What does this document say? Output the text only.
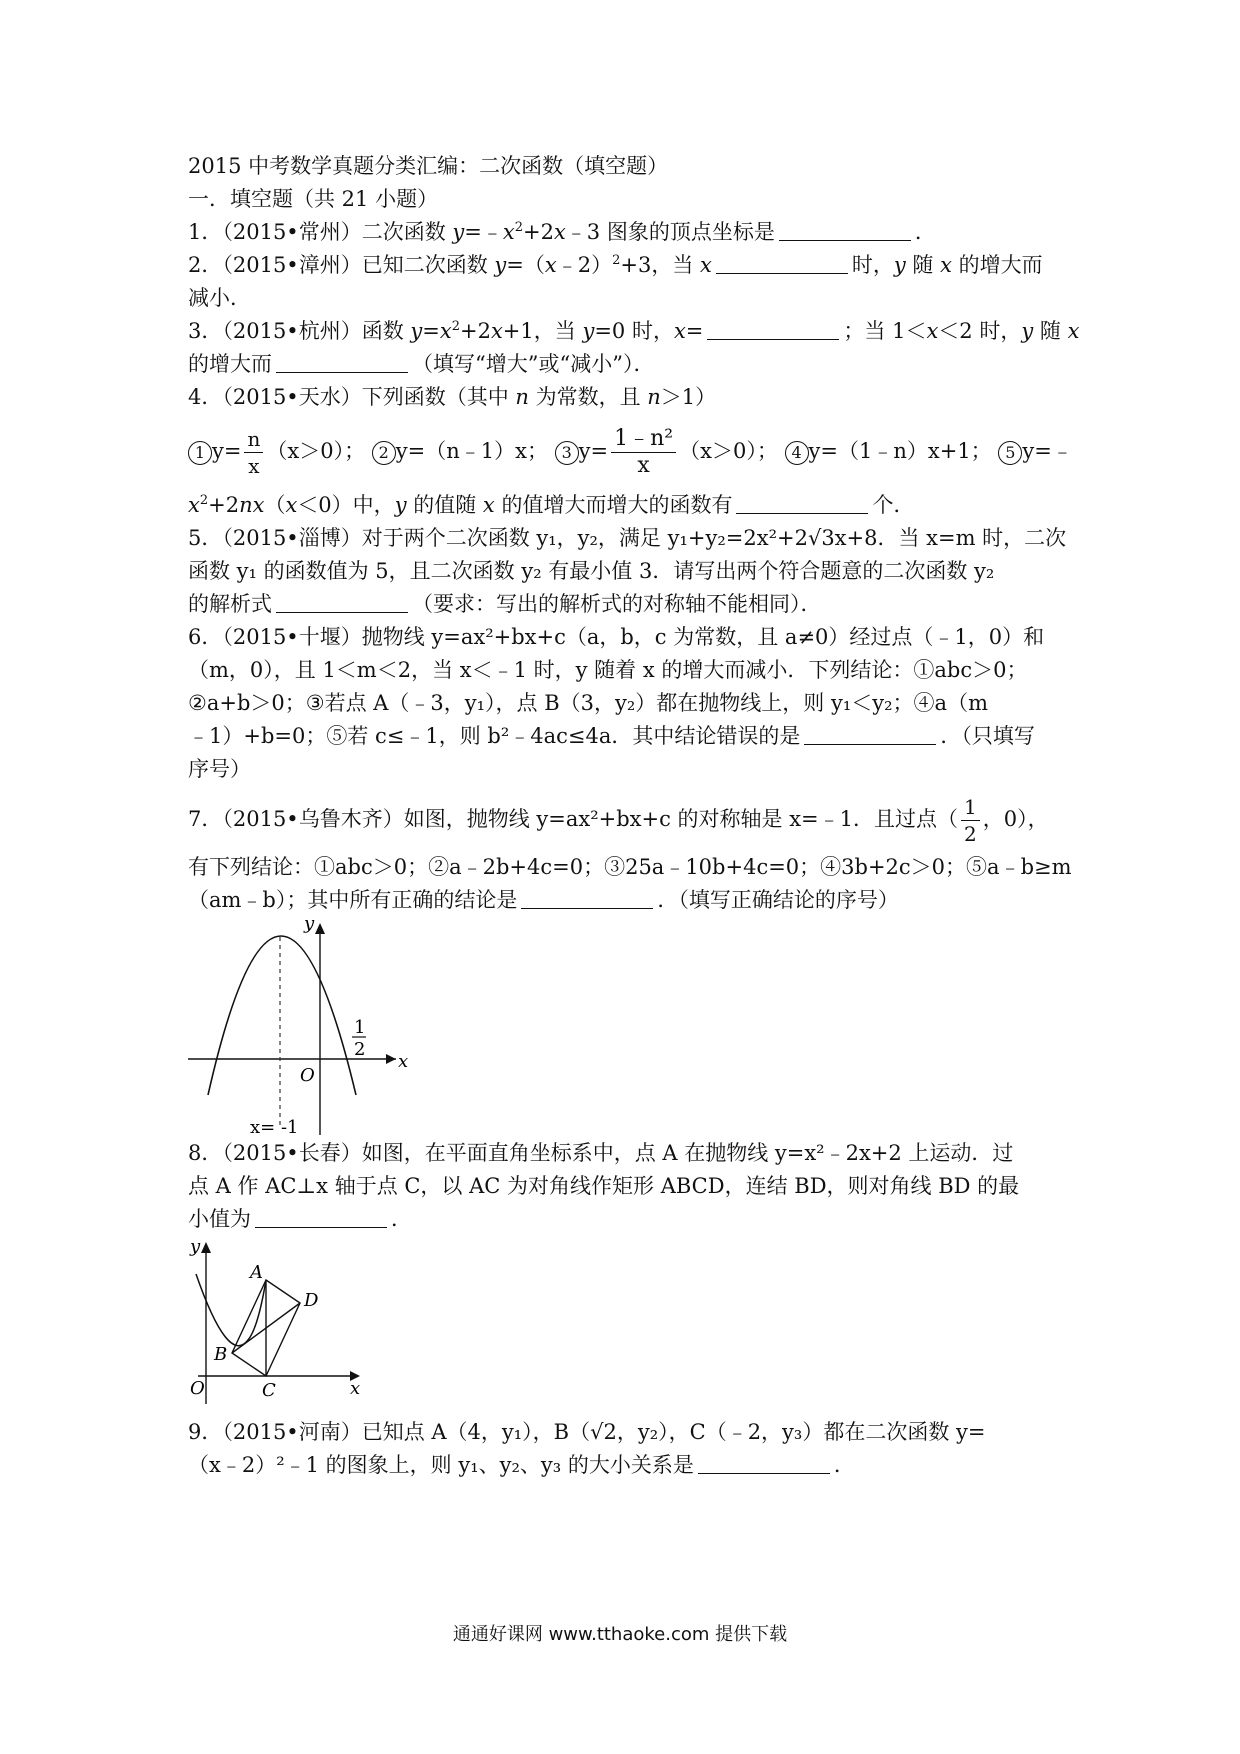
2015 中考数学真题分类汇编：二次函数（填空题）
一．填空题（共 21 小题）
1．（2015•常州）二次函数 $y=﹣x^2+2x﹣3$ 图象的顶点坐标是	．
2．（2015•漳州）已知二次函数 y=（x﹣2）$^2$+3，当 x	时，y 随 x 的增大而
减小．
3．（2015•杭州）函数 $y=x^2+2x+1$，当 y=0 时，x=	；当 1＜x＜2 时，y 随 x
的增大而	（填写“增大”或“减小”）．
4．（2015•天水）下列函数（其中 n 为常数，且 n＞1）
1 $y= \frac{n}{x} (x>0)$； 2 y=（n﹣1）x； 3 $y= \frac{\text{1﹣n²}}{x} (x>0)$； 4 y=（1﹣n）x+1； 5 y=﹣
$x^2+2nx(x<0)$中，y 的值随 x 的值增大而增大的函数有	个．
5．（2015•淄博）对于两个二次函数 y₁，y₂，满足 y₁+y₂=2x²+2√3x+8．当 x=m 时，二次
函数 y₁ 的函数值为 5，且二次函数 y₂ 有最小值 3．请写出两个符合题意的二次函数 y₂
的解析式	（要求：写出的解析式的对称轴不能相同）．
6．（2015•十堰）抛物线 y=ax²+bx+c（a，b，c 为常数，且 a≠0）经过点（﹣1，0）和
（m，0），且 1＜m＜2，当 x＜﹣1 时，y 随着 x 的增大而减小．下列结论：①abc＞0；
②a+b＞0；③若点 A（﹣3，y₁），点 B（3，y₂）都在抛物线上，则 y₁＜y₂；④a（m
﹣1）+b=0；⑤若 c≤﹣1，则 b²﹣4ac≤4a．其中结论错误的是	．（只填写
序号）
7．（2015•乌鲁木齐）如图，抛物线 y=ax²+bx+c 的对称轴是 x=﹣1．且过点（ $\frac{1}{2}$ ，0），
有下列结论：①abc＞0；②a﹣2b+4c=0；③25a﹣10b+4c=0；④3b+2c＞0；⑤a﹣b≥m
（am﹣b）；其中所有正确的结论是	．（填写正确结论的序号）
y
x
O
1
2
x= -1
8．（2015•长春）如图，在平面直角坐标系中，点 A 在抛物线 y=x²﹣2x+2 上运动．过
点 A 作 AC⊥x 轴于点 C，以 AC 为对角线作矩形 ABCD，连结 BD，则对角线 BD 的最
小值为	．
y
x
O
A
B
C
D
9．（2015•河南）已知点 A（4，y₁），B（√2，y₂），C（﹣2，y₃）都在二次函数 y=
（x﹣2）²﹣1 的图象上，则 y₁、y₂、y₃ 的大小关系是	．
通通好课网 www.tthaoke.com 提供下载
